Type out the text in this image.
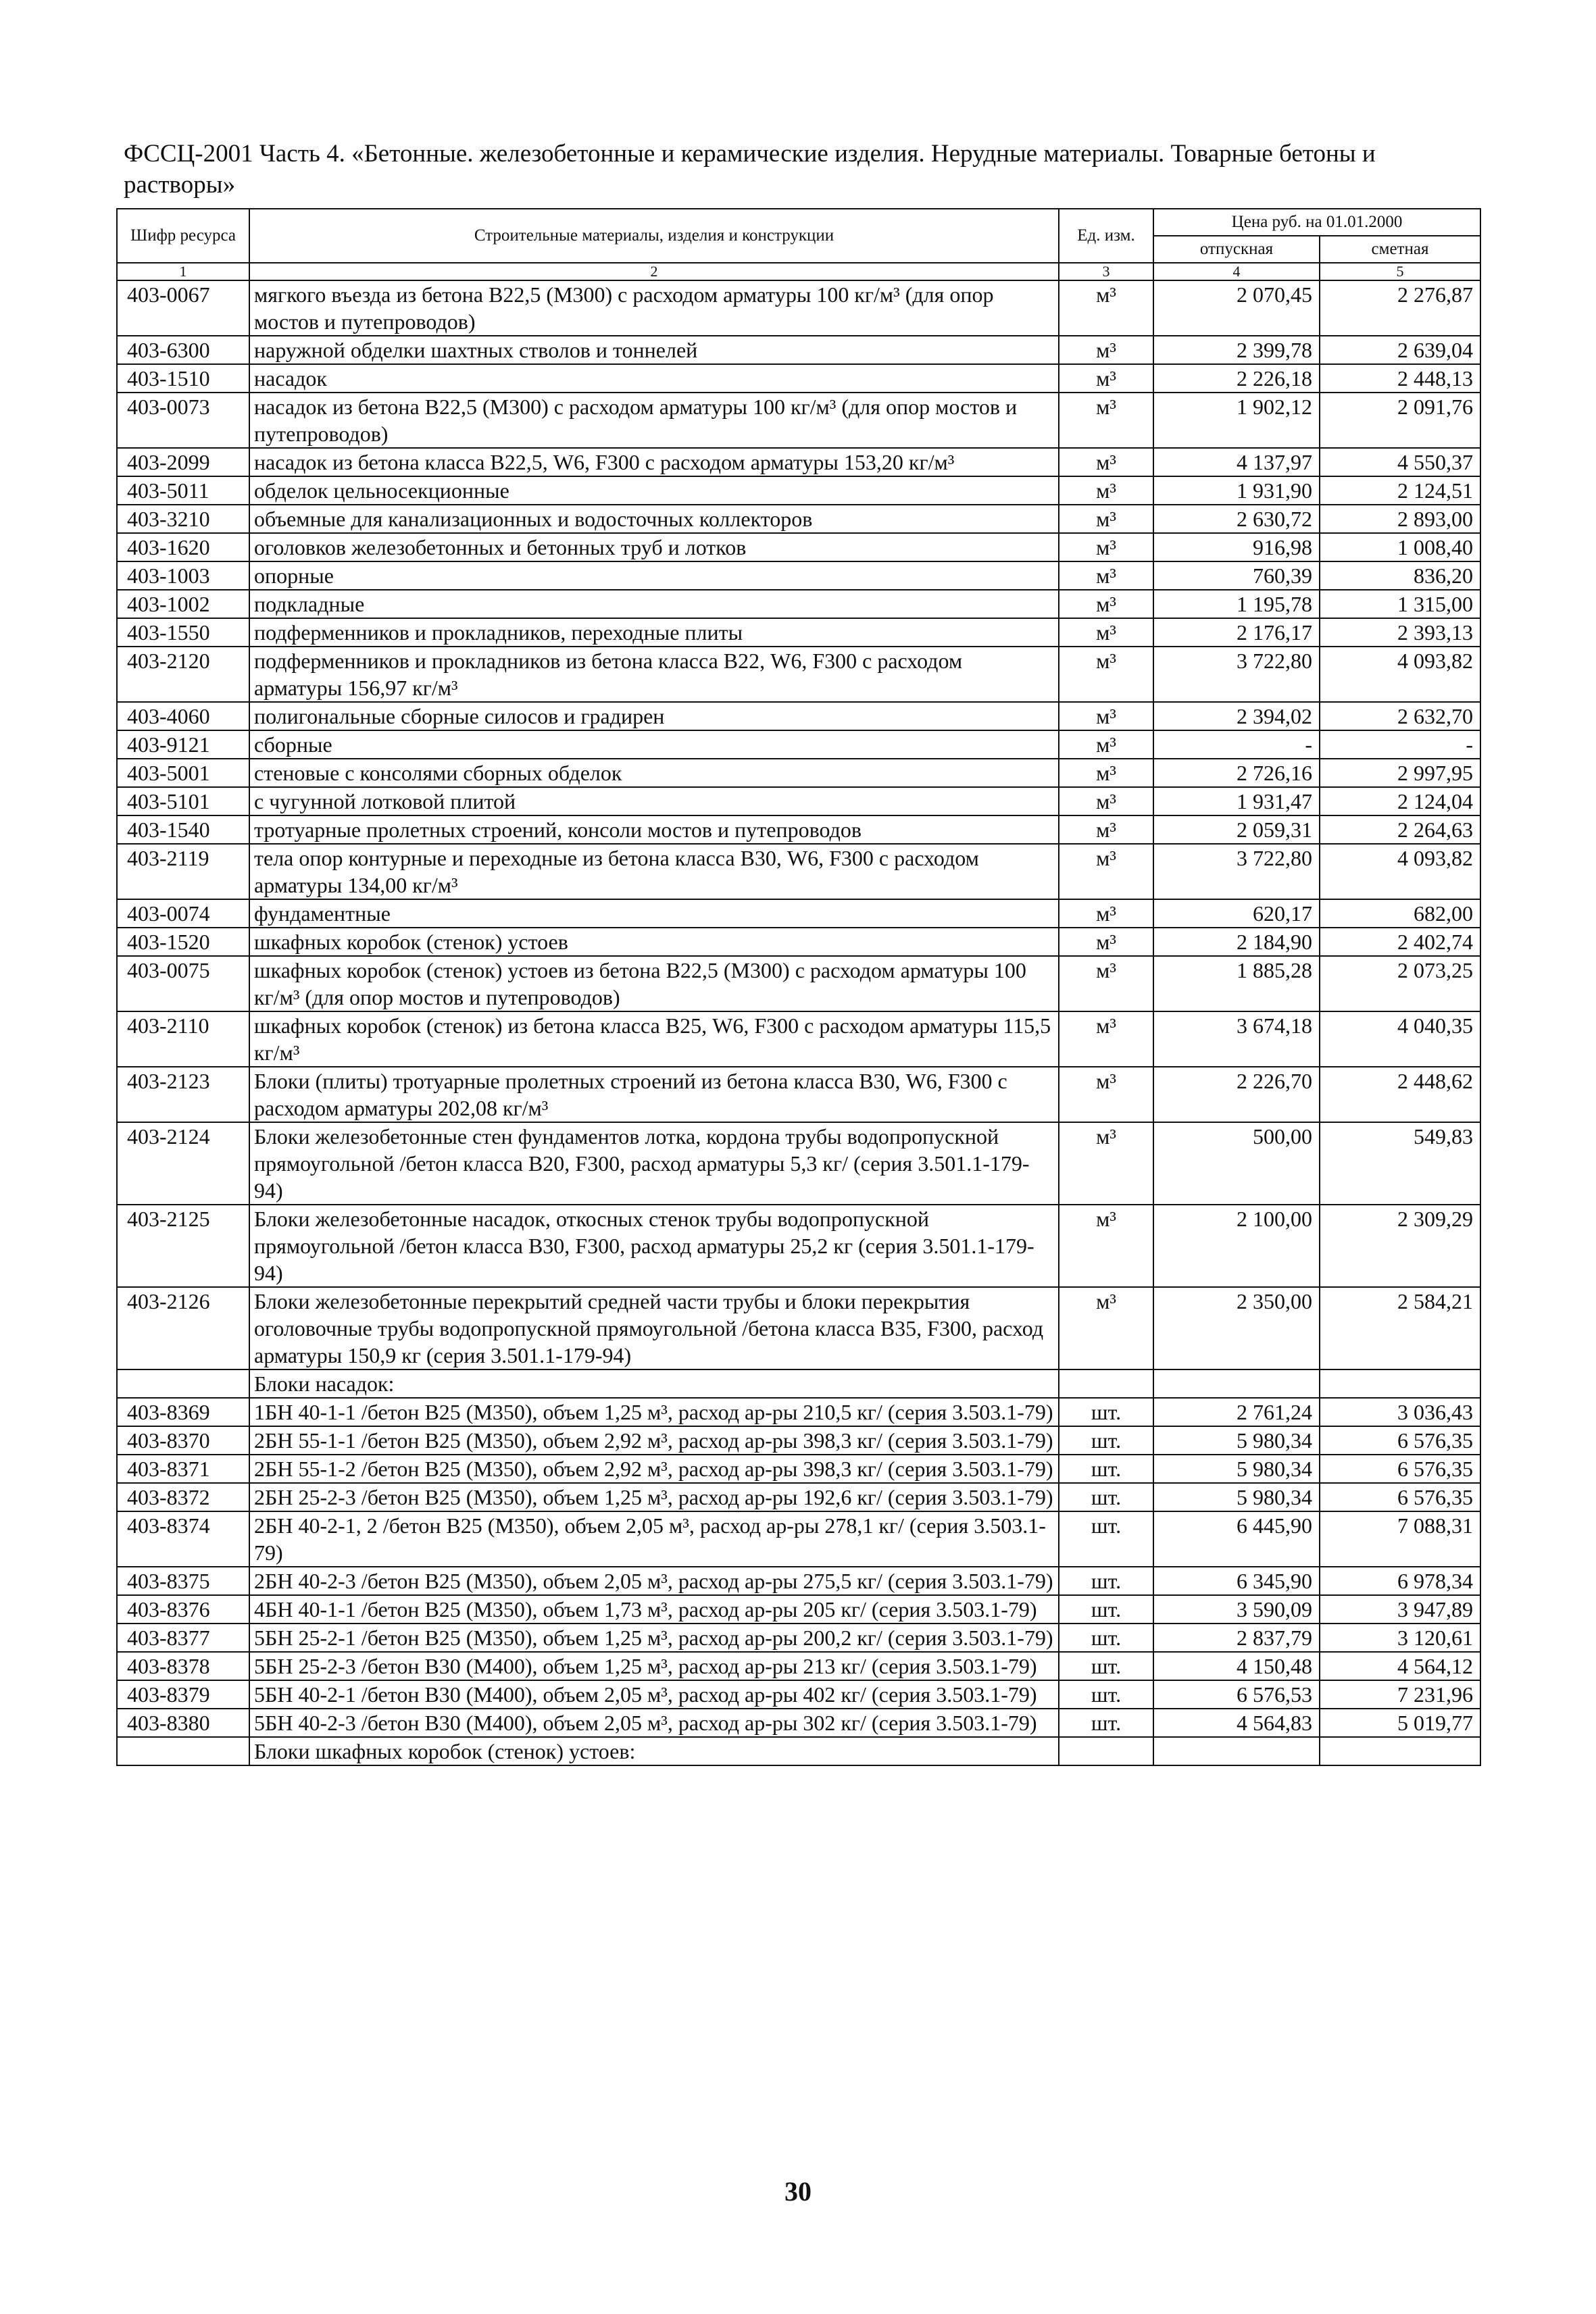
ФССЦ-2001 Часть 4. «Бетонные. железобетонные и керамические изделия. Нерудные материалы. Товарные бетоны и
растворы»
Шифр ресурса	Строительные материалы, изделия и конструкции	Ед. изм.	Цена руб. на 01.01.2000	
			отпускная	сметная
1	2	3	4	5
403-0067	мягкого въезда из бетона В22,5 (М300) с расходом арматуры 100 кг/м³ (для опор мостов и путепроводов)	м³	2 070,45	2 276,87
403-6300	наружной обделки шахтных стволов и тоннелей	м³	2 399,78	2 639,04
403-1510	насадок	м³	2 226,18	2 448,13
403-0073	насадок из бетона В22,5 (М300) с расходом арматуры 100 кг/м³ (для опор мостов и путепроводов)	м³	1 902,12	2 091,76
403-2099	насадок из бетона класса В22,5, W6, F300 с расходом арматуры 153,20 кг/м³	м³	4 137,97	4 550,37
403-5011	обделок цельносекционные	м³	1 931,90	2 124,51
403-3210	объемные для канализационных и водосточных коллекторов	м³	2 630,72	2 893,00
403-1620	оголовков железобетонных и бетонных труб и лотков	м³	916,98	1 008,40
403-1003	опорные	м³	760,39	836,20
403-1002	подкладные	м³	1 195,78	1 315,00
403-1550	подферменников и прокладников, переходные плиты	м³	2 176,17	2 393,13
403-2120	подферменников и прокладников из бетона класса В22, W6, F300 с расходом арматуры 156,97 кг/м³	м³	3 722,80	4 093,82
403-4060	полигональные сборные силосов и градирен	м³	2 394,02	2 632,70
403-9121	сборные	м³	-	-
403-5001	стеновые с консолями сборных обделок	м³	2 726,16	2 997,95
403-5101	с чугунной лотковой плитой	м³	1 931,47	2 124,04
403-1540	тротуарные пролетных строений, консоли мостов и путепроводов	м³	2 059,31	2 264,63
403-2119	тела опор контурные и переходные из бетона класса В30, W6, F300 с расходом арматуры 134,00 кг/м³	м³	3 722,80	4 093,82
403-0074	фундаментные	м³	620,17	682,00
403-1520	шкафных коробок (стенок) устоев	м³	2 184,90	2 402,74
403-0075	шкафных коробок (стенок) устоев из бетона В22,5 (М300) с расходом арматуры 100 кг/м³ (для опор мостов и путепроводов)	м³	1 885,28	2 073,25
403-2110	шкафных коробок (стенок) из бетона класса В25, W6, F300 с расходом арматуры 115,5 кг/м³	м³	3 674,18	4 040,35
403-2123	Блоки (плиты) тротуарные пролетных строений из бетона класса В30, W6, F300 с расходом арматуры 202,08 кг/м³	м³	2 226,70	2 448,62
403-2124	Блоки железобетонные стен фундаментов лотка, кордона трубы водопропускной прямоугольной /бетон класса В20, F300, расход арматуры 5,3 кг/ (серия 3.501.1-179-94)	м³	500,00	549,83
403-2125	Блоки железобетонные насадок, откосных стенок трубы водопропускной прямоугольной /бетон класса В30, F300, расход арматуры 25,2 кг (серия 3.501.1-179-94)	м³	2 100,00	2 309,29
403-2126	Блоки железобетонные перекрытий средней части трубы и блоки перекрытия оголовочные трубы водопропускной прямоугольной /бетона класса В35, F300, расход арматуры 150,9 кг (серия 3.501.1-179-94)	м³	2 350,00	2 584,21
	Блоки насадок:			
403-8369	1БН 40-1-1 /бетон В25 (М350), объем 1,25 м³, расход ар-ры 210,5 кг/ (серия 3.503.1-79)	шт.	2 761,24	3 036,43
403-8370	2БН 55-1-1 /бетон В25 (М350), объем 2,92 м³, расход ар-ры 398,3 кг/ (серия 3.503.1-79)	шт.	5 980,34	6 576,35
403-8371	2БН 55-1-2 /бетон В25 (М350), объем 2,92 м³, расход ар-ры 398,3 кг/ (серия 3.503.1-79)	шт.	5 980,34	6 576,35
403-8372	2БН 25-2-3 /бетон В25 (М350), объем 1,25 м³, расход ар-ры 192,6 кг/ (серия 3.503.1-79)	шт.	5 980,34	6 576,35
403-8374	2БН 40-2-1, 2 /бетон В25 (М350), объем 2,05 м³, расход ар-ры 278,1 кг/ (серия 3.503.1-79)	шт.	6 445,90	7 088,31
403-8375	2БН 40-2-3 /бетон В25 (М350), объем 2,05 м³, расход ар-ры 275,5 кг/ (серия 3.503.1-79)	шт.	6 345,90	6 978,34
403-8376	4БН 40-1-1 /бетон В25 (М350), объем 1,73 м³, расход ар-ры 205 кг/ (серия 3.503.1-79)	шт.	3 590,09	3 947,89
403-8377	5БН 25-2-1 /бетон В25 (М350), объем 1,25 м³, расход ар-ры 200,2 кг/ (серия 3.503.1-79)	шт.	2 837,79	3 120,61
403-8378	5БН 25-2-3 /бетон В30 (М400), объем 1,25 м³, расход ар-ры 213 кг/ (серия 3.503.1-79)	шт.	4 150,48	4 564,12
403-8379	5БН 40-2-1 /бетон В30 (М400), объем 2,05 м³, расход ар-ры 402 кг/ (серия 3.503.1-79)	шт.	6 576,53	7 231,96
403-8380	5БН 40-2-3 /бетон В30 (М400), объем 2,05 м³, расход ар-ры 302 кг/ (серия 3.503.1-79)	шт.	4 564,83	5 019,77
	Блоки шкафных коробок (стенок) устоев:			
30
